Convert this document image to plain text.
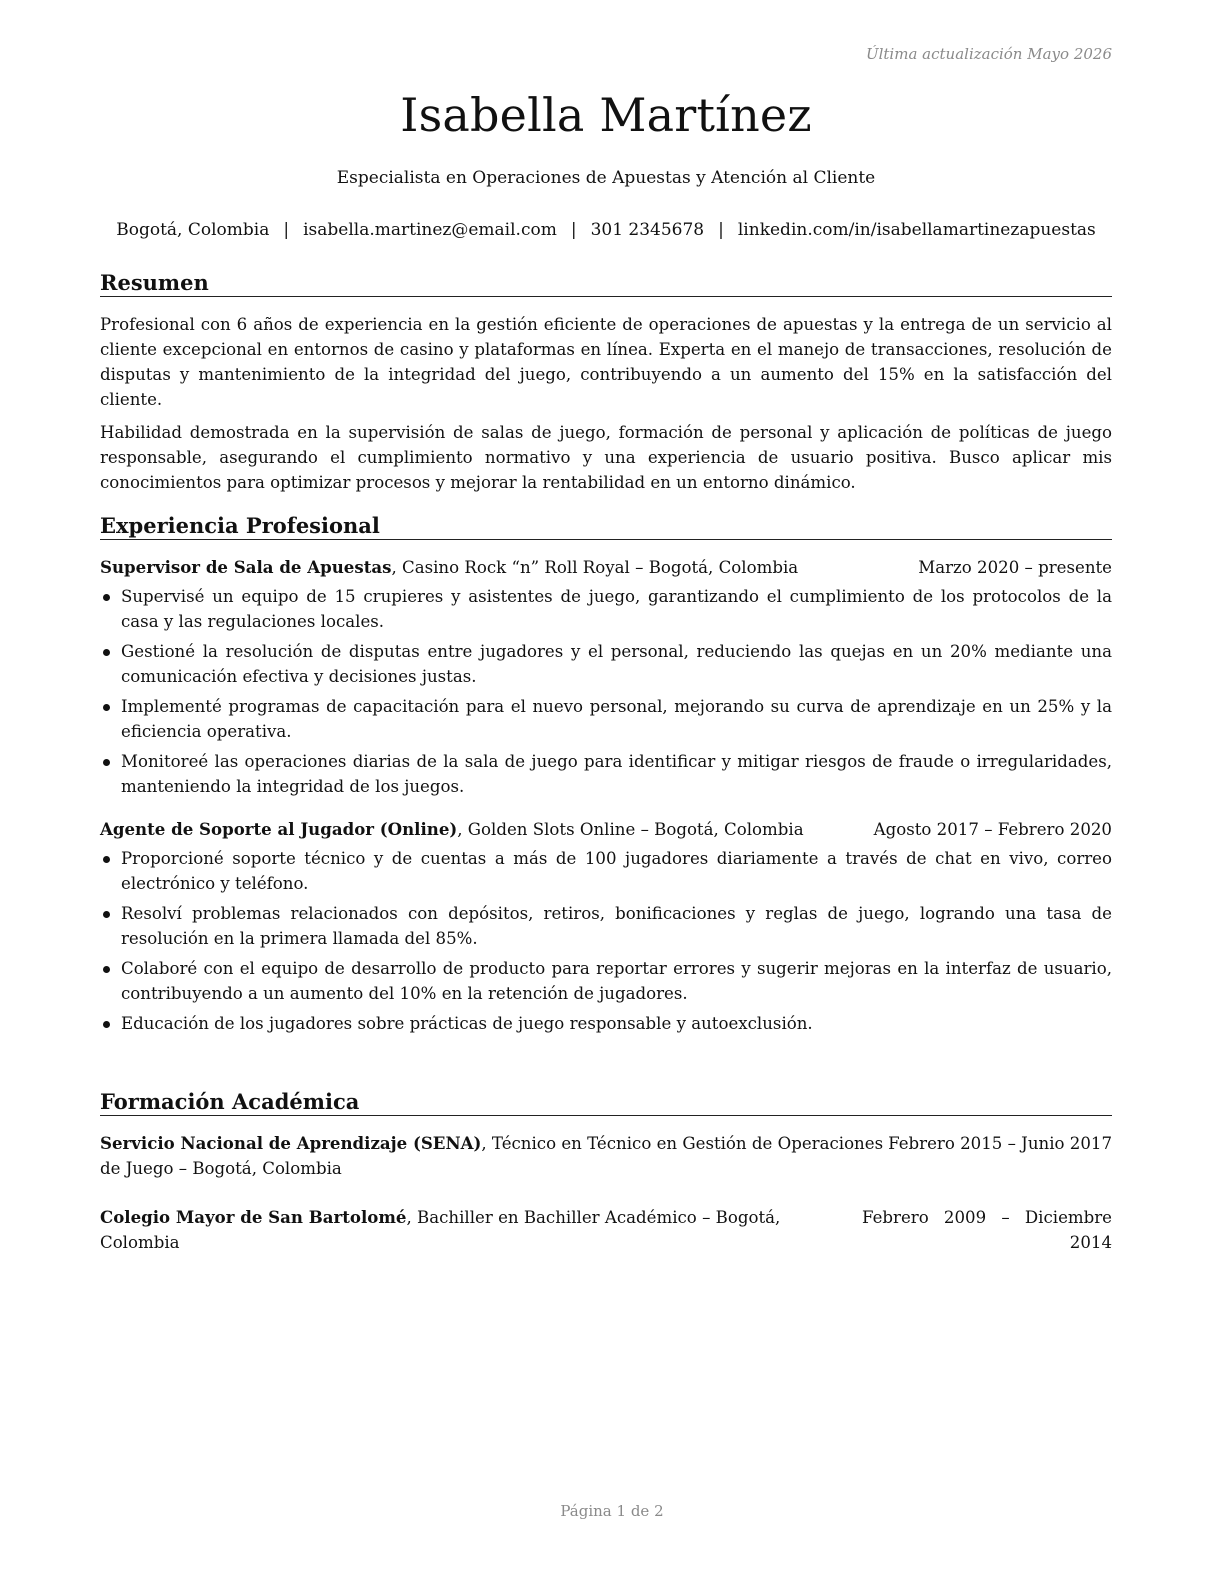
Última actualización Mayo 2026
Isabella Martínez
Especialista en Operaciones de Apuestas y Atención al Cliente
Bogotá, Colombia | isabella.martinez@email.com | 301 2345678 | linkedin.com/in/isabellamartinezapuestas
Resumen

Profesional con 6 años de experiencia en la gestión eficiente de operaciones de apuestas y la entrega de un servicio al cliente excepcional en entornos de casino y plataformas en línea. Experta en el manejo de transacciones, resolución de disputas y mantenimiento de la integridad del juego, contribuyendo a un aumento del 15% en la satisfacción del cliente.

Habilidad demostrada en la supervisión de salas de juego, formación de personal y aplicación de políticas de juego responsable, asegurando el cumplimiento normativo y una experiencia de usuario positiva. Busco aplicar mis conocimientos para optimizar procesos y mejorar la rentabilidad en un entorno dinámico.

Experiencia Profesional
Supervisor de Sala de Apuestas, Casino Rock “n” Roll Royal – Bogotá, Colombia	Marzo 2020 – presente
Supervisé un equipo de 15 crupieres y asistentes de juego, garantizando el cumplimiento de los protocolos de la casa y las regulaciones locales.
Gestioné la resolución de disputas entre jugadores y el personal, reduciendo las quejas en un 20% mediante una comunicación efectiva y decisiones justas.
Implementé programas de capacitación para el nuevo personal, mejorando su curva de aprendizaje en un 25% y la eficiencia operativa.
Monitoreé las operaciones diarias de la sala de juego para identificar y mitigar riesgos de fraude o irregularidades, manteniendo la integridad de los juegos.
Agente de Soporte al Jugador (Online), Golden Slots Online – Bogotá, Colombia	Agosto 2017 – Febrero 2020
Proporcioné soporte técnico y de cuentas a más de 100 jugadores diariamente a través de chat en vivo, correo electrónico y teléfono.
Resolví problemas relacionados con depósitos, retiros, bonificaciones y reglas de juego, logrando una tasa de resolución en la primera llamada del 85%.
Colaboré con el equipo de desarrollo de producto para reportar errores y sugerir mejoras en la interfaz de usuario, contribuyendo a un aumento del 10% en la retención de jugadores.
Educación de los jugadores sobre prácticas de juego responsable y autoexclusión.
Formación Académica
Servicio Nacional de Aprendizaje (SENA), Técnico en Técnico en Gestión de Operaciones de Juego – Bogotá, Colombia
Febrero 2015 – Junio 2017
Colegio Mayor de San Bartolomé, Bachiller en Bachiller Académico – Bogotá, Colombia
Febrero 2009 – Diciembre 2014
Página 1 de 2
